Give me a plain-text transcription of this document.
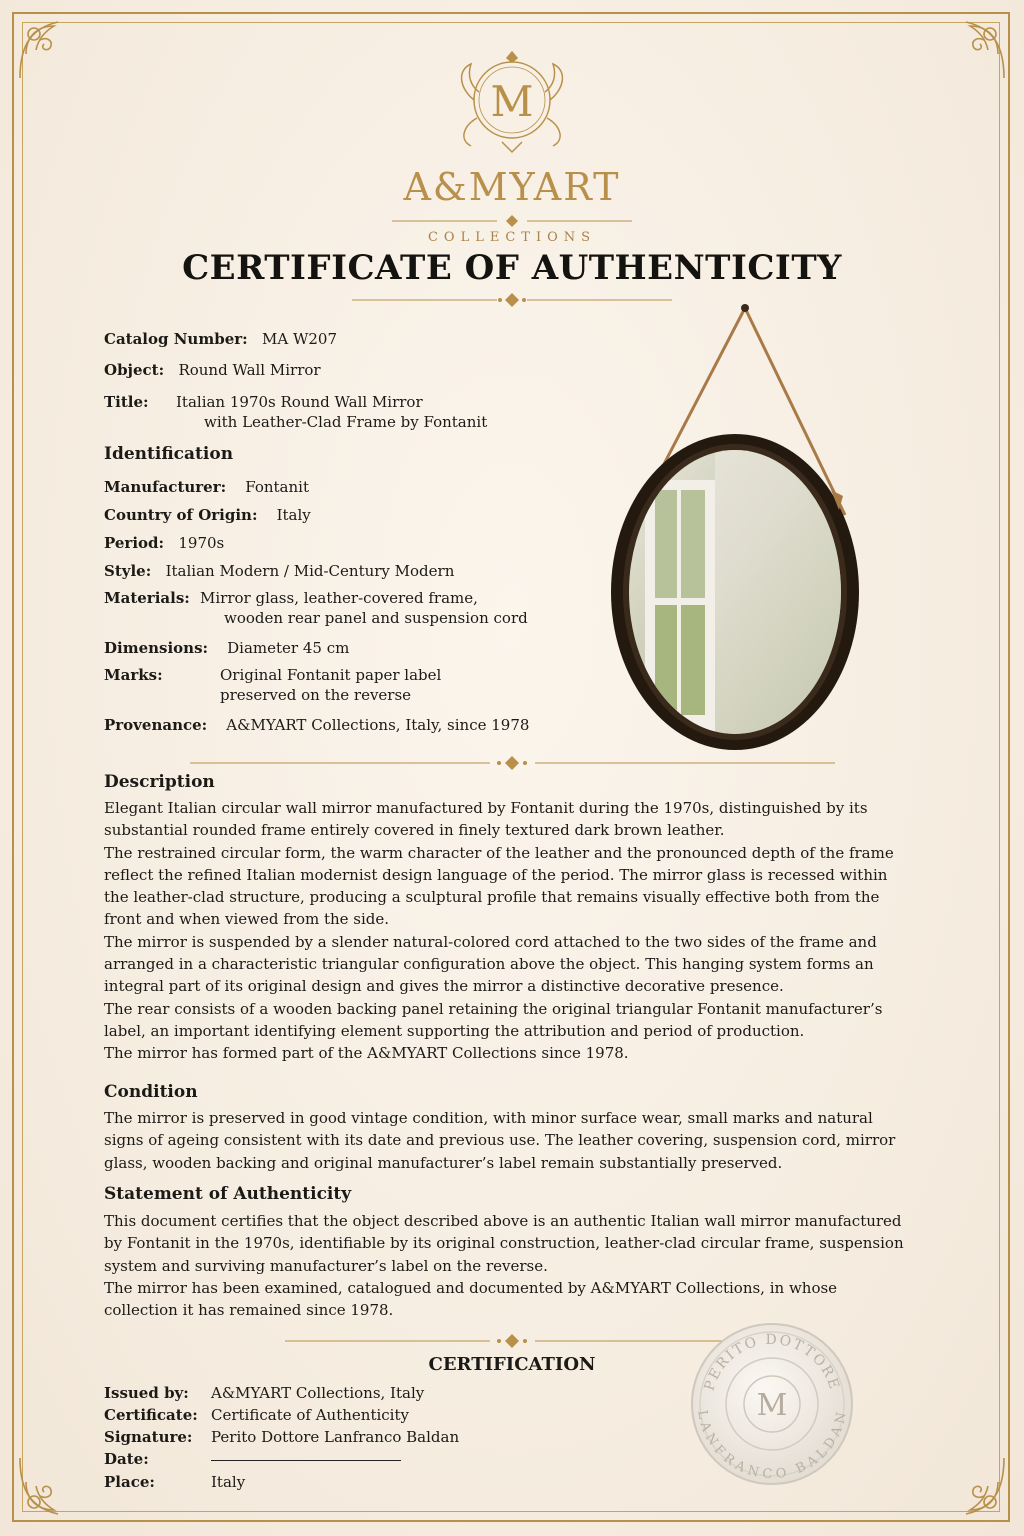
M
A&MYART
COLLECTIONS
CERTIFICATE OF AUTHENTICITY
Catalog Number: MA W207
Object: Round Wall Mirror
Title: Italian 1970s Round Wall Mirror
with Leather-Clad Frame by Fontanit
Identification
Manufacturer: Fontanit
Country of Origin: Italy
Period: 1970s
Style: Italian Modern / Mid-Century Modern
Materials: Mirror glass, leather-covered frame,
wooden rear panel and suspension cord
Dimensions: Diameter 45 cm
Marks:	Original Fontanit paper label
preserved on the reverse
Provenance: A&MYART Collections, Italy, since 1978
Description

Elegant Italian circular wall mirror manufactured by Fontanit during the 1970s, distinguished by its substantial rounded frame entirely covered in finely textured dark brown leather.

The restrained circular form, the warm character of the leather and the pronounced depth of the frame reflect the refined Italian modernist design language of the period. The mirror glass is recessed within the leather-clad structure, producing a sculptural profile that remains visually effective both from the front and when viewed from the side.

The mirror is suspended by a slender natural-colored cord attached to the two sides of the frame and arranged in a characteristic triangular configuration above the object. This hanging system forms an integral part of its original design and gives the mirror a distinctive decorative presence.

The rear consists of a wooden backing panel retaining the original triangular Fontanit manufacturer’s label, an important identifying element supporting the attribution and period of production.

The mirror has formed part of the A&MYART Collections since 1978.

Condition

The mirror is preserved in good vintage condition, with minor surface wear, small marks and natural signs of ageing consistent with its date and previous use. The leather covering, suspension cord, mirror glass, wooden backing and original manufacturer’s label remain substantially preserved.

Statement of Authenticity

This document certifies that the object described above is an authentic Italian wall mirror manufactured by Fontanit in the 1970s, identifiable by its original construction, leather-clad circular frame, suspension system and surviving manufacturer’s label on the reverse.

The mirror has been examined, catalogued and documented by A&MYART Collections, in whose collection it has remained since 1978.

CERTIFICATION
Issued by: A&MYART Collections, Italy
Certificate: Certificate of Authenticity
Signature: Perito Dottore Lanfranco Baldan
Date:
Place:	Italy
PERITO DOTTORE
LANFRANCO BALDAN
M
